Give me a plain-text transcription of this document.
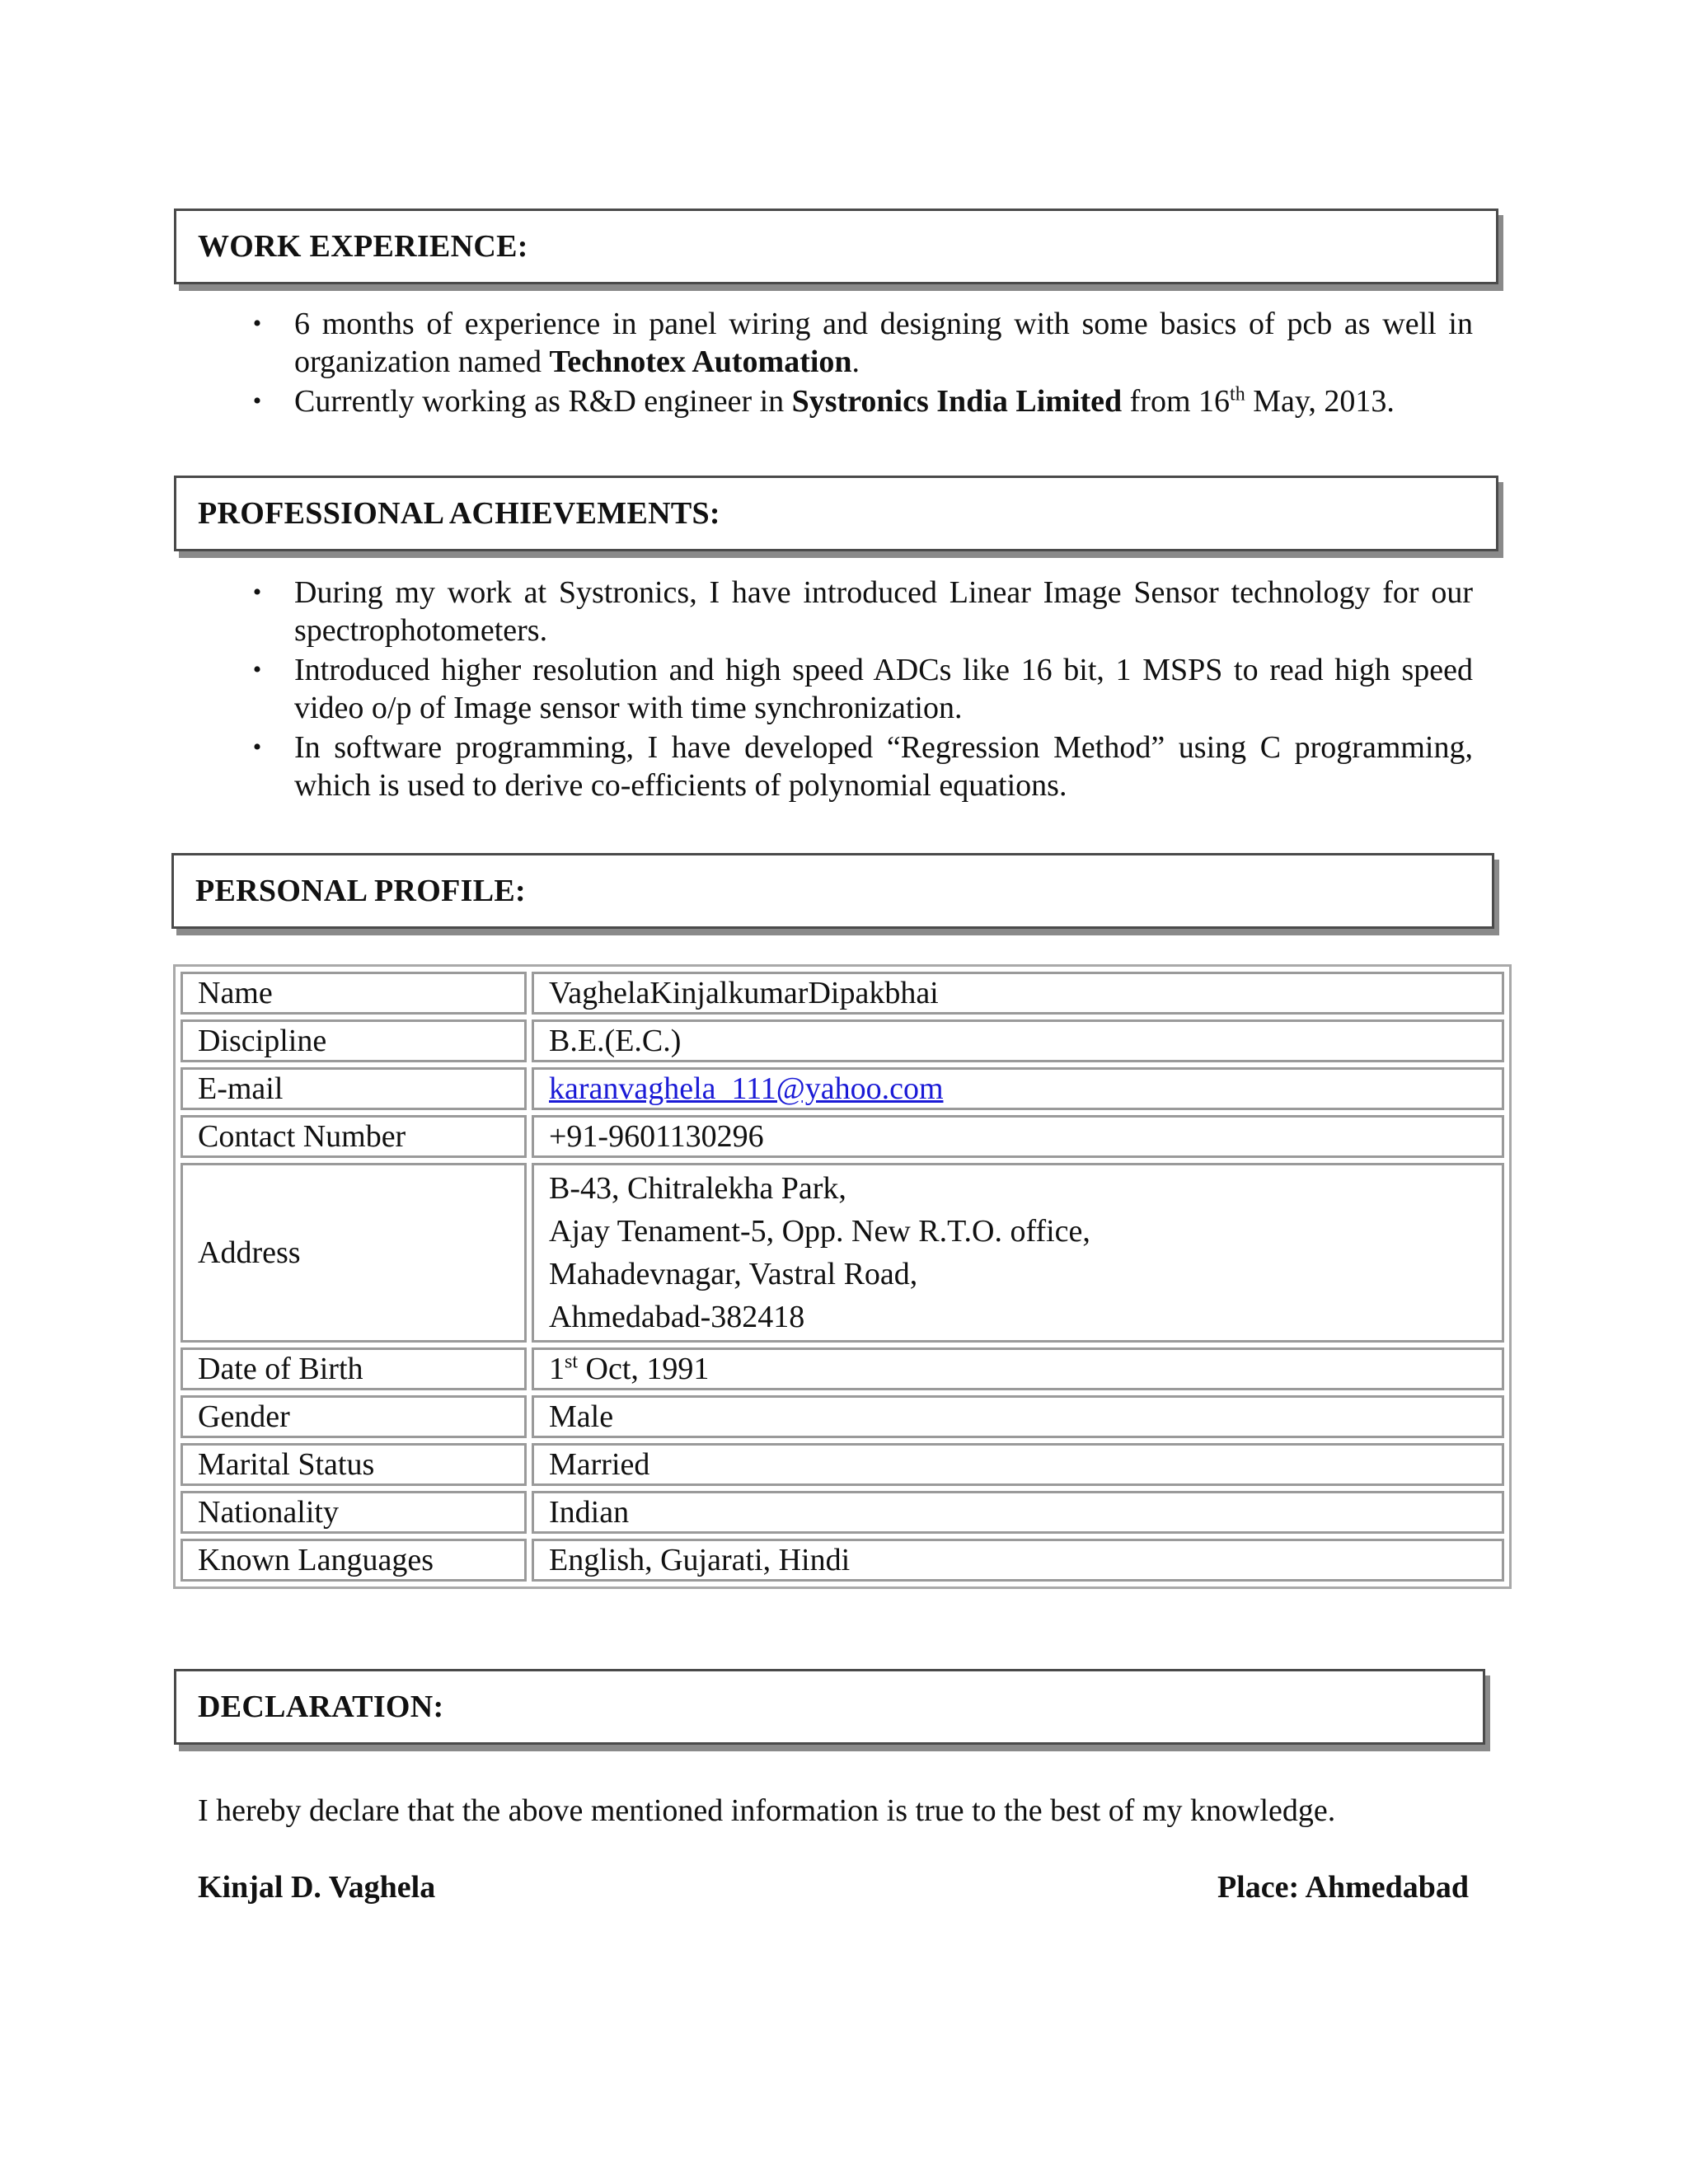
WORK EXPERIENCE:
• 6 months of experience in panel wiring and designing with some basics of pcb as well in organization named Technotex Automation.
• Currently working as R&D engineer in Systronics India Limited from 16th May, 2013.
PROFESSIONAL ACHIEVEMENTS:
• During my work at Systronics, I have introduced Linear Image Sensor technology for our spectrophotometers.
• Introduced higher resolution and high speed ADCs like 16 bit, 1 MSPS to read high speed video o/p of Image sensor with time synchronization.
• In software programming, I have developed “Regression Method” using C programming, which is used to derive co-efficients of polynomial equations.
PERSONAL PROFILE:
Name	VaghelaKinjalkumarDipakbhai
Discipline	B.E.(E.C.)
E-mail	karanvaghela_111@yahoo.com
Contact Number	+91-9601130296
Address	B-43, Chitralekha Park,
Ajay Tenament-5, Opp. New R.T.O. office,
Mahadevnagar, Vastral Road,
Ahmedabad-382418

Date of Birth	1st Oct, 1991
Gender	Male
Marital Status	Married
Nationality	Indian
Known Languages	English, Gujarati, Hindi
DECLARATION:
I hereby declare that the above mentioned information is true to the best of my knowledge.
Kinjal D. Vaghela	Place: Ahmedabad
